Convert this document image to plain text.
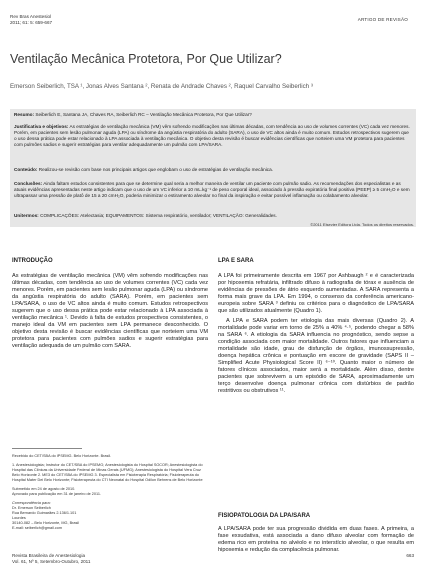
Rev Bras Anestesiol
2011; 61: 5: 659-667
ARTIGO DE REVISÃO
Ventilação Mecânica Protetora, Por Que Utilizar?
Emerson Seiberlich, TSA ¹, Jonas Alves Santana ², Renata de Andrade Chaves ², Raquel Carvalho Seiberlich ³
Resumo: Seiberlich E, Santana JA, Chaves RA, Seiberlich RC – Ventilação Mecânica Protetora, Por Que Utilizar?
Justificativa e objetivos: As estratégias de ventilação mecânica (VM) vêm sofrendo modificações nas últimas décadas, com tendência ao uso de volumes correntes (VC) cada vez menores. Porém, em pacientes sem lesão pulmonar aguda (LPA) ou síndrome da angústia respiratória do adulto (SARA), o uso de VC altos ainda é muito comum. Estudos retrospectivos sugerem que o uso dessa prática pode estar relacionado à LPA associada à ventilação mecânica. O objetivo desta revisão é buscar evidências científicas que norteiem uma VM protetora para pacientes com pulmões sadios e sugerir estratégias para ventilar adequadamente um pulmão com LPA/SARA.
Conteúdo: Realizou-se revisão com base nos principais artigos que englobam o uso de estratégias de ventilação mecânica.
Conclusões: Ainda faltam estudos consistentes para que se determine qual seria a melhor maneira de ventilar um paciente com pulmão sadio. As recomendações dos especialistas e as atuais evidências apresentadas neste artigo indicam que o uso de um VC inferior a 10 mL.kg⁻¹ de peso corporal ideal, associado à pressão expiratória final positiva (PEEP) ≥ 5 cmH₂O e sem ultrapassar uma pressão de platô de 15 a 20 cmH₂O, poderia minimizar o estiramento alveolar no final da inspiração e evitar possível inflamação ou colabamento alveolar.
Unitermos: COMPLICAÇÕES: Atelectasia; EQUIPAMENTOS: Sistema respiratório, ventilador; VENTILAÇÃO: Generalidades.
©2011 Elsevier Editora Ltda. Todos os direitos reservados.
INTRODUÇÃO

As estratégias de ventilação mecânica (VM) vêm sofrendo modificações nas últimas décadas, com tendência ao uso de volumes correntes (VC) cada vez menores. Porém, em pacientes sem lesão pulmonar aguda (LPA) ou síndrome da angústia respiratória do adulto (SARA). Porém, em pacientes sem LPA/SARA, o uso de VC altos ainda é muito comum. Estudos retrospectivos sugerem que o uso dessa prática pode estar relacionado à LPA associada à ventilação mecânica ¹. Devido à falta de estudos prospectivos consistentes, o manejo ideal da VM em pacientes sem LPA permanece desconhecido. O objetivo desta revisão é buscar evidências científicas que norteiem uma VM protetora para pacientes com pulmões sadios e sugerir estratégias para ventilação adequada de um pulmão com SARA.

Recebido do CET/SBA do IPSEMG. Belo Horizonte. Brasil.
1. Anestesiologista; Instrutor do CET/SBA do IPSEMG; Anestesiologista do Hospital SOCOR; Anestesiologista do Hospital das Clínicas da Universidade Federal de Minas Gerais (UFMG); Anestesiologista do Hospital Vera Cruz Belo Horizonte 2. ME3 do CET/SBA do IPSEMG 3. Especialista em Fisioterapia Respiratória; Fisioterapeuta do Hospital Mater Dei Belo Horizonte; Fisioterapeuta do CTI Neonatal do Hospital Odilon Behrens de Belo Horizonte
Submetido em 24 de agosto de 2010.
Aprovado para publicação em 31 de janeiro de 2011.
Correspondência para:
Dr. Emerson Seiberlich
Rua Bernardo Guimarães 2.136/1.101
Lourdes
30140-082 – Belo Horizonte, MG, Brasil
E-mail: seiberlich@gmail.com
LPA E SARA

A LPA foi primeiramente descrita em 1967 por Ashbaugh ² e é caracterizada por hipoxemia refratária, infiltrado difuso à radiografia de tórax e ausência de evidências de pressões de átrio esquerdo aumentadas. A SARA representa a forma mais grave da LPA. Em 1994, o consenso da conferência americano-europeia sobre SARA ³ definiu os critérios para o diagnóstico de LPA/SARA que são utilizados atualmente (Quadro 1).

A LPA e SARA podem ter etiologia das mais diversas (Quadro 2). A mortalidade pode variar em torno de 25% a 40% ⁴·⁵, podendo chegar a 58% na SARA ⁶. A etiologia da SARA influencia no prognóstico, sendo sepse a condição associada com maior mortalidade. Outros fatores que influenciam a mortalidade são idade, grau de disfunção de órgãos, imunossupressão, doença hepática crônica e pontuação em escore de gravidade (SAPS II – Simplified Acute Physiological Score II) ⁶⁻¹⁰. Quanto maior o número de fatores clínicos associados, maior será a mortalidade. Além disso, dentre pacientes que sobrevivem a um episódio de SARA, aproximadamente um terço desenvolve doença pulmonar crônica com distúrbios de padrão restritivos ou obstrutivos ¹¹.

FISIOPATOLOGIA DA LPA/SARA
A LPA/SARA pode ter sua progressão dividida em duas fases. A primeira, a fase exsudativa, está associada a dano difuso alveolar com formação de edema rico em proteína no alvéolo e no interstício alveolar, o que resulta em hipoxemia e redução da complacência pulmonar.
Revista Brasileira de Anestesiologia
Vol. 61, Nº 5, Setembro-Outubro, 2011
663
